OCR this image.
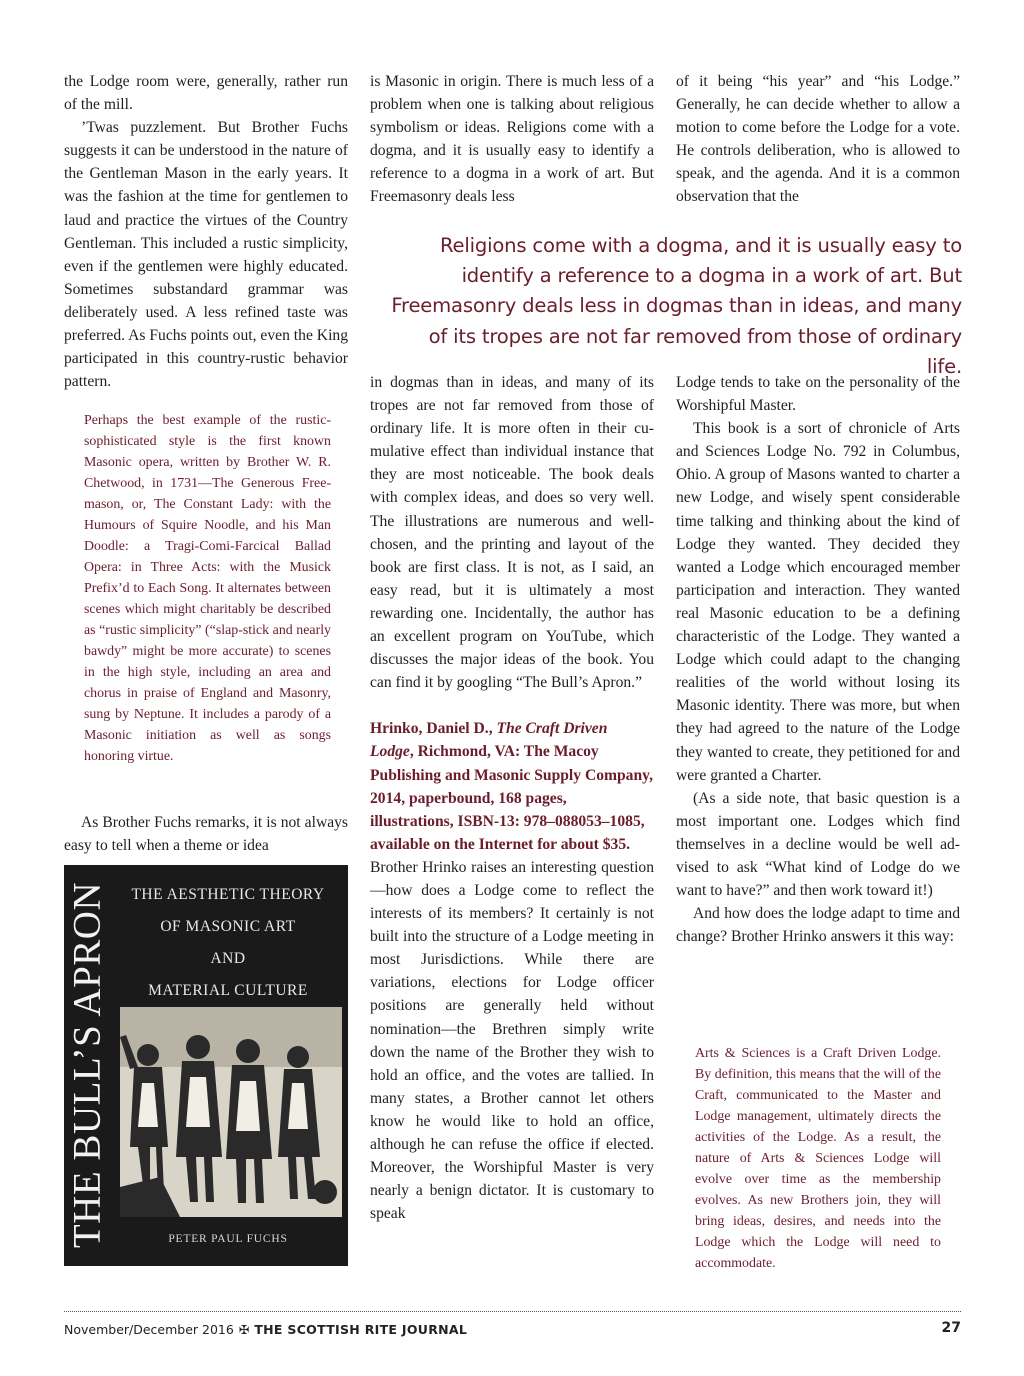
the Lodge room were, generally, rather run of the mill.

’Twas puzzlement. But Brother Fuchs suggests it can be understood in the nature of the Gentleman Mason in the early years. It was the fashion at the time for gentlemen to laud and practice the virtues of the Country Gentleman. This included a rustic simplicity, even if the gentlemen were highly educated. Sometimes substandard grammar was deliberately used. A less refined taste was preferred. As Fuchs points out, even the King participated in this country-rustic behavior pattern.

Perhaps the best example of the rustic-sophisticated style is the first known Masonic opera, written by Brother W. R. Chetwood, in 1731—The Generous Free-mason, or, The Constant Lady: with the Humours of Squire Noodle, and his Man Doodle: a Tragi-Comi-Farcical Ballad Opera: in Three Acts: with the Musick Prefix’d to Each Song. It alternates between scenes which might charitably be described as “rustic simplicity” (“slap-stick and nearly bawdy” might be more accurate) to scenes in the high style, including an area and chorus in praise of England and Masonry, sung by Neptune. It includes a parody of a Masonic initiation as well as songs honoring virtue.

As Brother Fuchs remarks, it is not always easy to tell when a theme or idea

THE BULL’S APRON	THE AESTHETIC THEORY
OF MASONIC ART
AND
MATERIAL CULTURE
PETER PAUL FUCHS

is Masonic in origin. There is much less of a problem when one is talking about religious symbolism or ideas. Religions come with a dogma, and it is usually easy to identify a reference to a dogma in a work of art. But Freemasonry deals less

Religions come with a dogma, and it is usually easy to identify a reference to a dogma in a work of art. But Freemasonry deals less in dogmas than in ideas, and many of its tropes are not far removed from those of ordinary life.

in dogmas than in ideas, and many of its tropes are not far removed from those of ordinary life. It is more often in their cumulative effect than individual instance that they are most noticeable. The book deals with complex ideas, and does so very well. The illustrations are numerous and well-chosen, and the printing and layout of the book are first class. It is not, as I said, an easy read, but it is ultimately a most rewarding one. Incidentally, the author has an excellent program on YouTube, which discusses the major ideas of the book. You can find it by googling “The Bull’s Apron.”

Hrinko, Daniel D., The Craft Driven Lodge, Richmond, VA: The Macoy Publishing and Masonic Supply Company, 2014, paperbound, 168 pages, illustrations, ISBN-13: 978–088053–1085, available on the Internet for about $35.

Brother Hrinko raises an interesting question—how does a Lodge come to reflect the interests of its members? It certainly is not built into the structure of a Lodge meeting in most Jurisdictions. While there are variations, elections for Lodge officer positions are generally held without nomination—the Brethren simply write down the name of the Brother they wish to hold an office, and the votes are tallied. In many states, a Brother cannot let others know he would like to hold an office, although he can refuse the office if elected. Moreover, the Worshipful Master is very nearly a benign dictator. It is customary to speak

of it being “his year” and “his Lodge.” Generally, he can decide whether to allow a motion to come before the Lodge for a vote. He controls deliberation, who is allowed to speak, and the agenda. And it is a common observation that the

Lodge tends to take on the personality of the Worshipful Master.

This book is a sort of chronicle of Arts and Sciences Lodge No. 792 in Columbus, Ohio. A group of Masons wanted to charter a new Lodge, and wisely spent considerable time talking and thinking about the kind of Lodge they wanted. They decided they wanted a Lodge which encouraged member participation and interaction. They wanted real Masonic education to be a defining characteristic of the Lodge. They wanted a Lodge which could adapt to the changing realities of the world without losing its Masonic identity. There was more, but when they had agreed to the nature of the Lodge they wanted to create, they petitioned for and were granted a Charter.

(As a side note, that basic question is a most important one. Lodges which find themselves in a decline would be well advised to ask “What kind of Lodge do we want to have?” and then work toward it!)

And how does the lodge adapt to time and change? Brother Hrinko answers it this way:

Arts & Sciences is a Craft Driven Lodge. By definition, this means that the will of the Craft, communicated to the Master and Lodge management, ultimately directs the activities of the Lodge. As a result, the nature of Arts & Sciences Lodge will evolve over time as the membership evolves. As new Brothers join, they will bring ideas, desires, and needs into the Lodge which the Lodge will need to accommodate.

November/December 2016 ✠ THE SCOTTISH RITE JOURNAL	27
